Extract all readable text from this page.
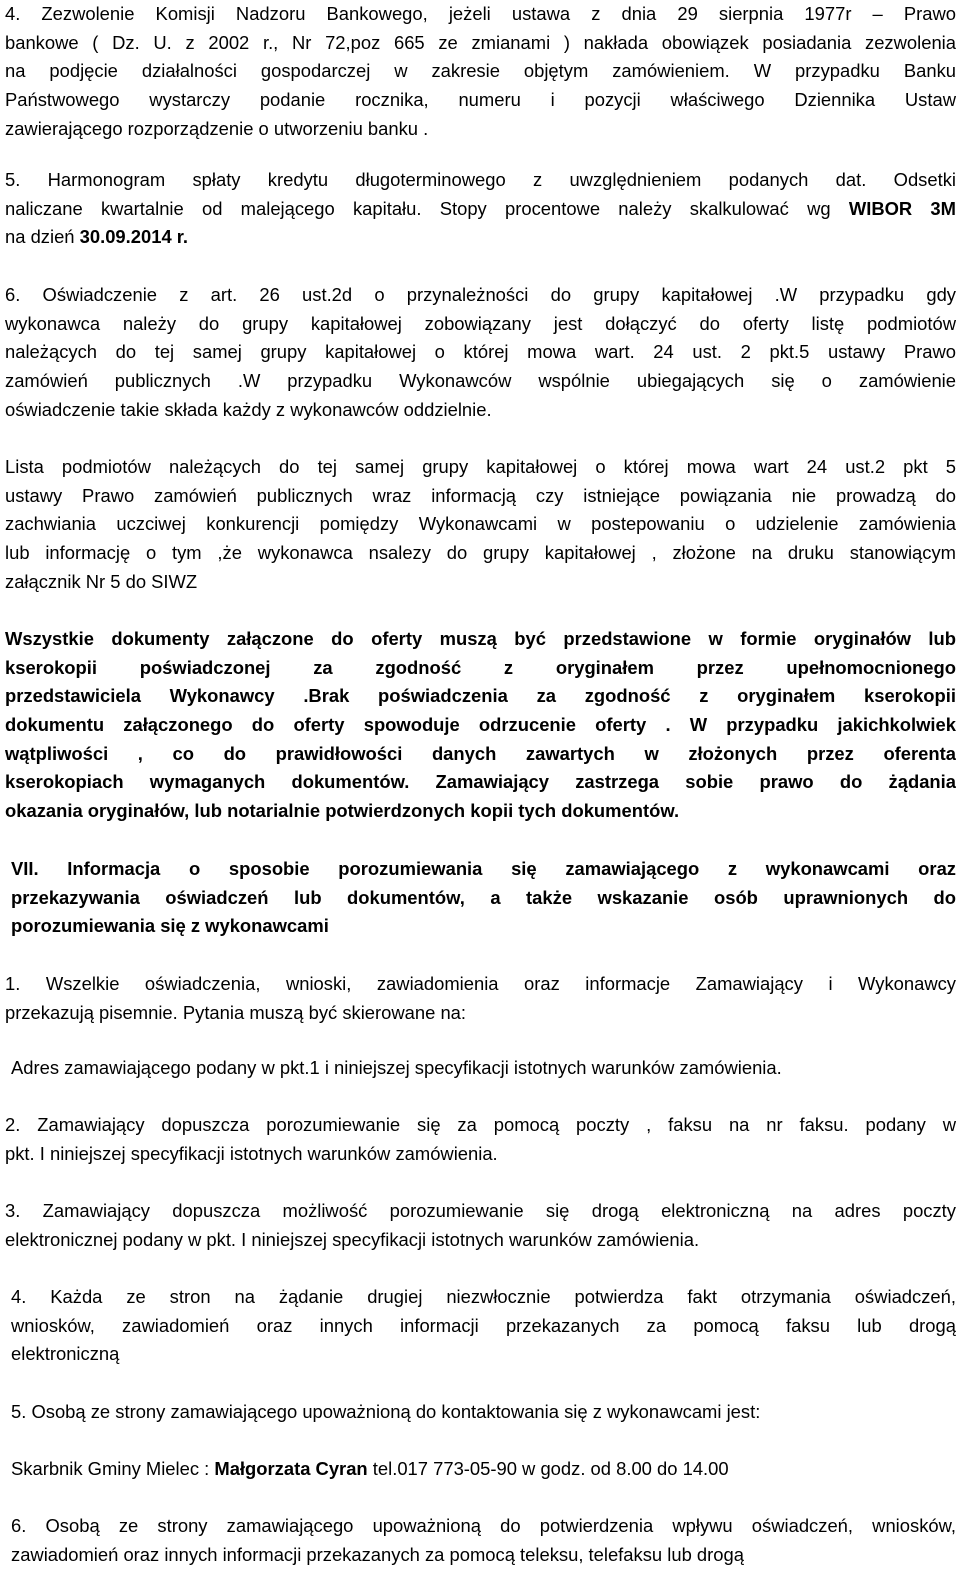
4. Zezwolenie Komisji Nadzoru Bankowego, jeżeli ustawa z dnia 29 sierpnia 1977r – Prawo
bankowe ( Dz. U. z 2002 r., Nr 72,poz 665 ze zmianami ) nakłada obowiązek posiadania zezwolenia
na podjęcie działalności gospodarczej w zakresie objętym zamówieniem. W przypadku Banku
Państwowego wystarczy podanie rocznika, numeru i pozycji właściwego Dziennika Ustaw
zawierającego rozporządzenie o utworzeniu banku .
5. Harmonogram spłaty kredytu długoterminowego z uwzględnieniem podanych dat. Odsetki
naliczane kwartalnie od malejącego kapitału. Stopy procentowe należy skalkulować wg WIBOR 3M
na dzień 30.09.2014 r.
6. Oświadczenie z art. 26 ust.2d o przynależności do grupy kapitałowej .W przypadku gdy
wykonawca należy do grupy kapitałowej zobowiązany jest dołączyć do oferty listę podmiotów
należących do tej samej grupy kapitałowej o której mowa wart. 24 ust. 2 pkt.5 ustawy Prawo
zamówień publicznych .W przypadku Wykonawców wspólnie ubiegających się o zamówienie
oświadczenie takie składa każdy z wykonawców oddzielnie.
Lista podmiotów należących do tej samej grupy kapitałowej o której mowa wart 24 ust.2 pkt 5
ustawy Prawo zamówień publicznych wraz informacją czy istniejące powiązania nie prowadzą do
zachwiania uczciwej konkurencji pomiędzy Wykonawcami w postepowaniu o udzielenie zamówienia
lub informację o tym ,że wykonawca nsalezy do grupy kapitałowej , złożone na druku stanowiącym
załącznik Nr 5 do SIWZ
Wszystkie dokumenty załączone do oferty muszą być przedstawione w formie oryginałów lub
kserokopii poświadczonej za zgodność z oryginałem przez upełnomocnionego
przedstawiciela Wykonawcy .Brak poświadczenia za zgodność z oryginałem kserokopii
dokumentu załączonego do oferty spowoduje odrzucenie oferty . W przypadku jakichkolwiek
wątpliwości , co do prawidłowości danych zawartych w złożonych przez oferenta
kserokopiach wymaganych dokumentów. Zamawiający zastrzega sobie prawo do żądania
okazania oryginałów, lub notarialnie potwierdzonych kopii tych dokumentów.
VII. Informacja o sposobie porozumiewania się zamawiającego z wykonawcami oraz
przekazywania oświadczeń lub dokumentów, a także wskazanie osób uprawnionych do
porozumiewania się z wykonawcami
1. Wszelkie oświadczenia, wnioski, zawiadomienia oraz informacje Zamawiający i Wykonawcy
przekazują pisemnie. Pytania muszą być skierowane na:
Adres zamawiającego podany w pkt.1 i niniejszej specyfikacji istotnych warunków zamówienia.
2. Zamawiający dopuszcza porozumiewanie się za pomocą poczty , faksu na nr faksu. podany w
pkt. I niniejszej specyfikacji istotnych warunków zamówienia.
3. Zamawiający dopuszcza możliwość porozumiewanie się drogą elektroniczną na adres poczty
elektronicznej podany w pkt. I niniejszej specyfikacji istotnych warunków zamówienia.
4. Każda ze stron na żądanie drugiej niezwłocznie potwierdza fakt otrzymania oświadczeń,
wniosków, zawiadomień oraz innych informacji przekazanych za pomocą faksu lub drogą
elektroniczną
5. Osobą ze strony zamawiającego upoważnioną do kontaktowania się z wykonawcami jest:
Skarbnik Gminy Mielec : Małgorzata Cyran tel.017 773-05-90 w godz. od 8.00 do 14.00
6. Osobą ze strony zamawiającego upoważnioną do potwierdzenia wpływu oświadczeń, wniosków,
zawiadomień oraz innych informacji przekazanych za pomocą teleksu, telefaksu lub drogą
